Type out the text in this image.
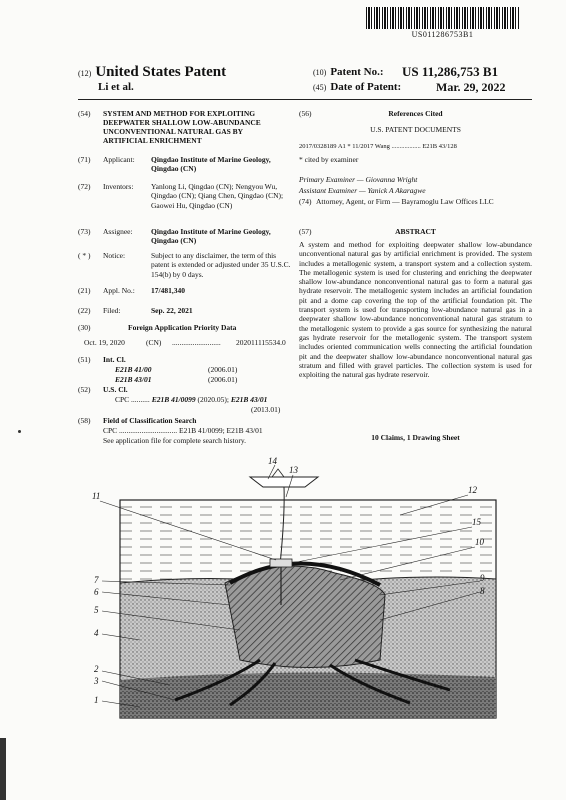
US011286753B1
(12) United States Patent
Li et al.
(10) Patent No.: US 11,286,753 B1
(45) Date of Patent:	Mar. 29, 2022
(54) SYSTEM AND METHOD FOR EXPLOITING DEEPWATER SHALLOW LOW-ABUNDANCE UNCONVENTIONAL NATURAL GAS BY ARTIFICIAL ENRICHMENT
(71) Applicant: Qingdao Institute of Marine Geology, Qingdao (CN)
(72) Inventors: Yanlong Li, Qingdao (CN); Nengyou Wu, Qingdao (CN); Qiang Chen, Qingdao (CN); Gaowei Hu, Qingdao (CN)
(73) Assignee: Qingdao Institute of Marine Geology, Qingdao (CN)
( * ) Notice:	Subject to any disclaimer, the term of this patent is extended or adjusted under 35 U.S.C. 154(b) by 0 days.
(21) Appl. No.: 17/481,340
(22) Filed:	Sep. 22, 2021
(30)	Foreign Application Priority Data
Oct. 19, 2020	(CN) .......................... 202011115534.0
(51) Int. Cl.
E21B 41/00	(2006.01)
E21B 43/01	(2006.01)
(52) U.S. Cl.
CPC .......... E21B 41/0099 (2020.05); E21B 43/01
(2013.01)
(58) Field of Classification Search
CPC ............................... E21B 41/0099; E21B 43/01
See application file for complete search history.
(56)	References Cited
U.S. PATENT DOCUMENTS
2017/0328189 A1 * 11/2017 Wang .................. E21B 43/128
* cited by examiner
Primary Examiner — Giovanna Wright
Assistant Examiner — Yanick A Akaragwe
(74) Attorney, Agent, or Firm — Bayramoglu Law Offices LLC
(57)	ABSTRACT
A system and method for exploiting deepwater shallow low-abundance unconventional natural gas by artificial enrichment is provided. The system includes a metallogenic system, a transport system and a collection system. The metallogenic system is used for clustering and enriching the deepwater shallow low-abundance nonconventional natural gas to form a natural gas hydrate reservoir. The metallogenic system includes an artificial foundation pit and a dome cap covering the top of the artificial foundation pit. The transport system is used for transporting low-abundance natural gas in a deepwater shallow low-abundance nonconventional natural gas stratum to the metallogenic system to provide a gas source for synthesizing the natural gas hydrate reservoir for the metallogenic system. The transport system includes oriented communication wells connecting the artificial foundation pit and the deepwater shallow low-abundance nonconventional natural gas stratum and filled with gravel particles. The collection system is used for exploiting the natural gas hydrate reservoir.
10 Claims, 1 Drawing Sheet
14
13
11
12
15
10
7	9
6	8
5
4
2
3
1
